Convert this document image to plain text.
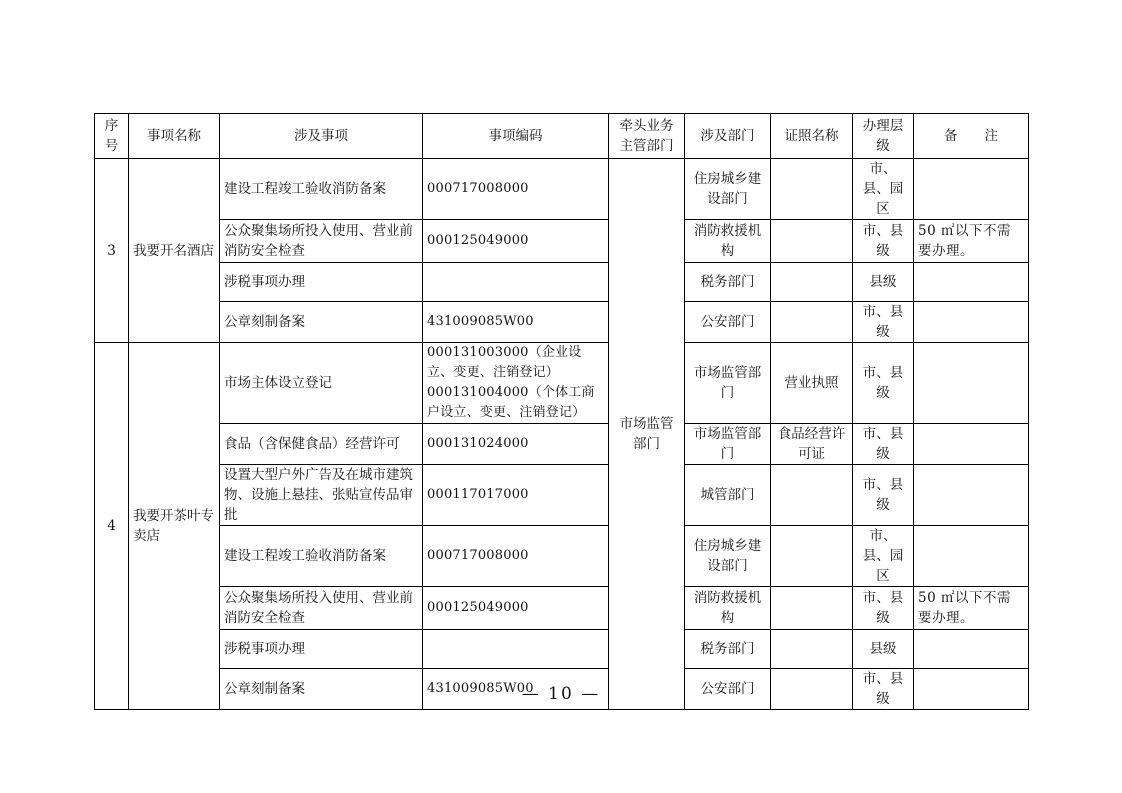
序号	事项名称	涉及事项	事项编码	牵头业务主管部门	涉及部门	证照名称	办理层级	备　　注
3	我要开名酒店	建设工程竣工验收消防备案	000717008000	市场监管部门	住房城乡建设部门		市、县、园区	
		公众聚集场所投入使用、营业前消防安全检查	000125049000		消防救援机构		市、县级	50 ㎡以下不需要办理。
		涉税事项办理			税务部门		县级	
		公章刻制备案	431009085W00		公安部门		市、县级	
4	我要开茶叶专卖店	市场主体设立登记	000131003000（企业设立、变更、注销登记）000131004000（个体工商户设立、变更、注销登记）		市场监管部门	营业执照	市、县级	
		食品（含保健食品）经营许可	000131024000		市场监管部门	食品经营许可证	市、县级	
		设置大型户外广告及在城市建筑物、设施上悬挂、张贴宣传品审批	000117017000		城管部门		市、县级	
		建设工程竣工验收消防备案	000717008000		住房城乡建设部门		市、县、园区	
		公众聚集场所投入使用、营业前消防安全检查	000125049000		消防救援机构		市、县级	50 ㎡以下不需要办理。
		涉税事项办理			税务部门		县级	
		公章刻制备案	431009085W00		公安部门		市、县级	
— 10 —
